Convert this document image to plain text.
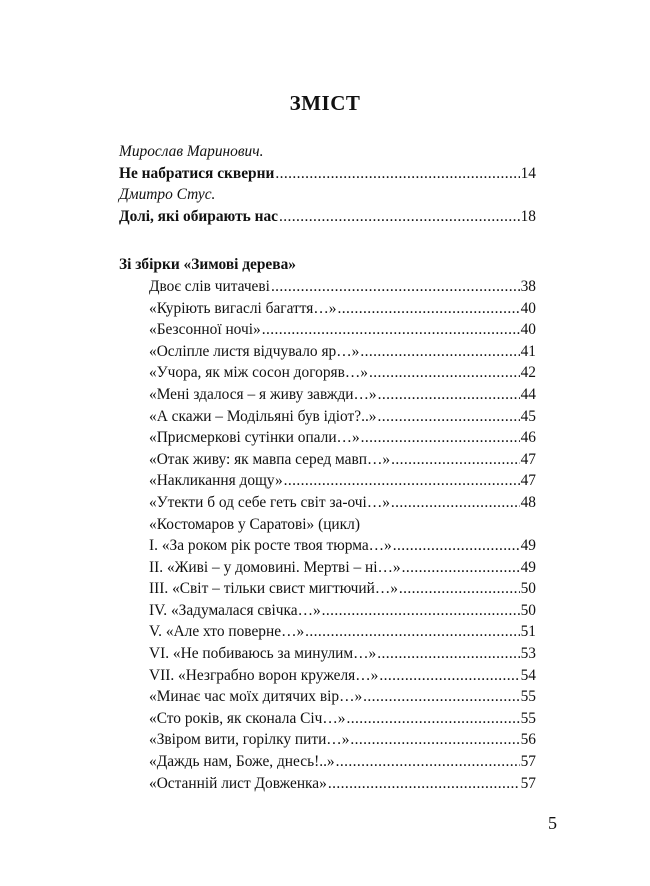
ЗМІСТ
Мирослав Маринович.
Не набратися скверни .....	14
Дмитро Стус.
Долі, які обирають нас .....	18
Зі збірки «Зимові дерева»
Двоє слів читачеві .....	38
«Куріють вигаслі багаття…» .....	40
«Безсонної ночі» .....	40
«Осліпле листя відчувало яр…» .....	41
«Учора, як між сосон догоряв…» .....	42
«Мені здалося – я живу завжди…» .....	44
«А скажи – Модільяні був ідіот?..» .....	45
«Присмеркові сутінки опали…» .....	46
«Отак живу: як мавпа серед мавп…» .....	47
«Накликання дощу» .....	47
«Утекти б од себе геть світ за-очі…» .....	48
«Костомаров у Саратові» (цикл)
І. «За роком рік росте твоя тюрма…» .....	49
ІІ. «Живі – у домовині. Мертві – ні…» .....	49
ІІІ. «Світ – тільки свист мигтючий…» .....	50
IV. «Задумалася свічка…» .....	50
V. «Але хто поверне…» .....	51
VI. «Не побиваюсь за минулим…» .....	53
VII. «Незграбно ворон кружеля…» .....	54
«Минає час моїх дитячих вір…» .....	55
«Сто років, як сконала Січ…» .....	55
«Звіром вити, горілку пити…» .....	56
«Даждь нам, Боже, днесь!..» .....	57
«Останній лист Довженка» .....	57
5
